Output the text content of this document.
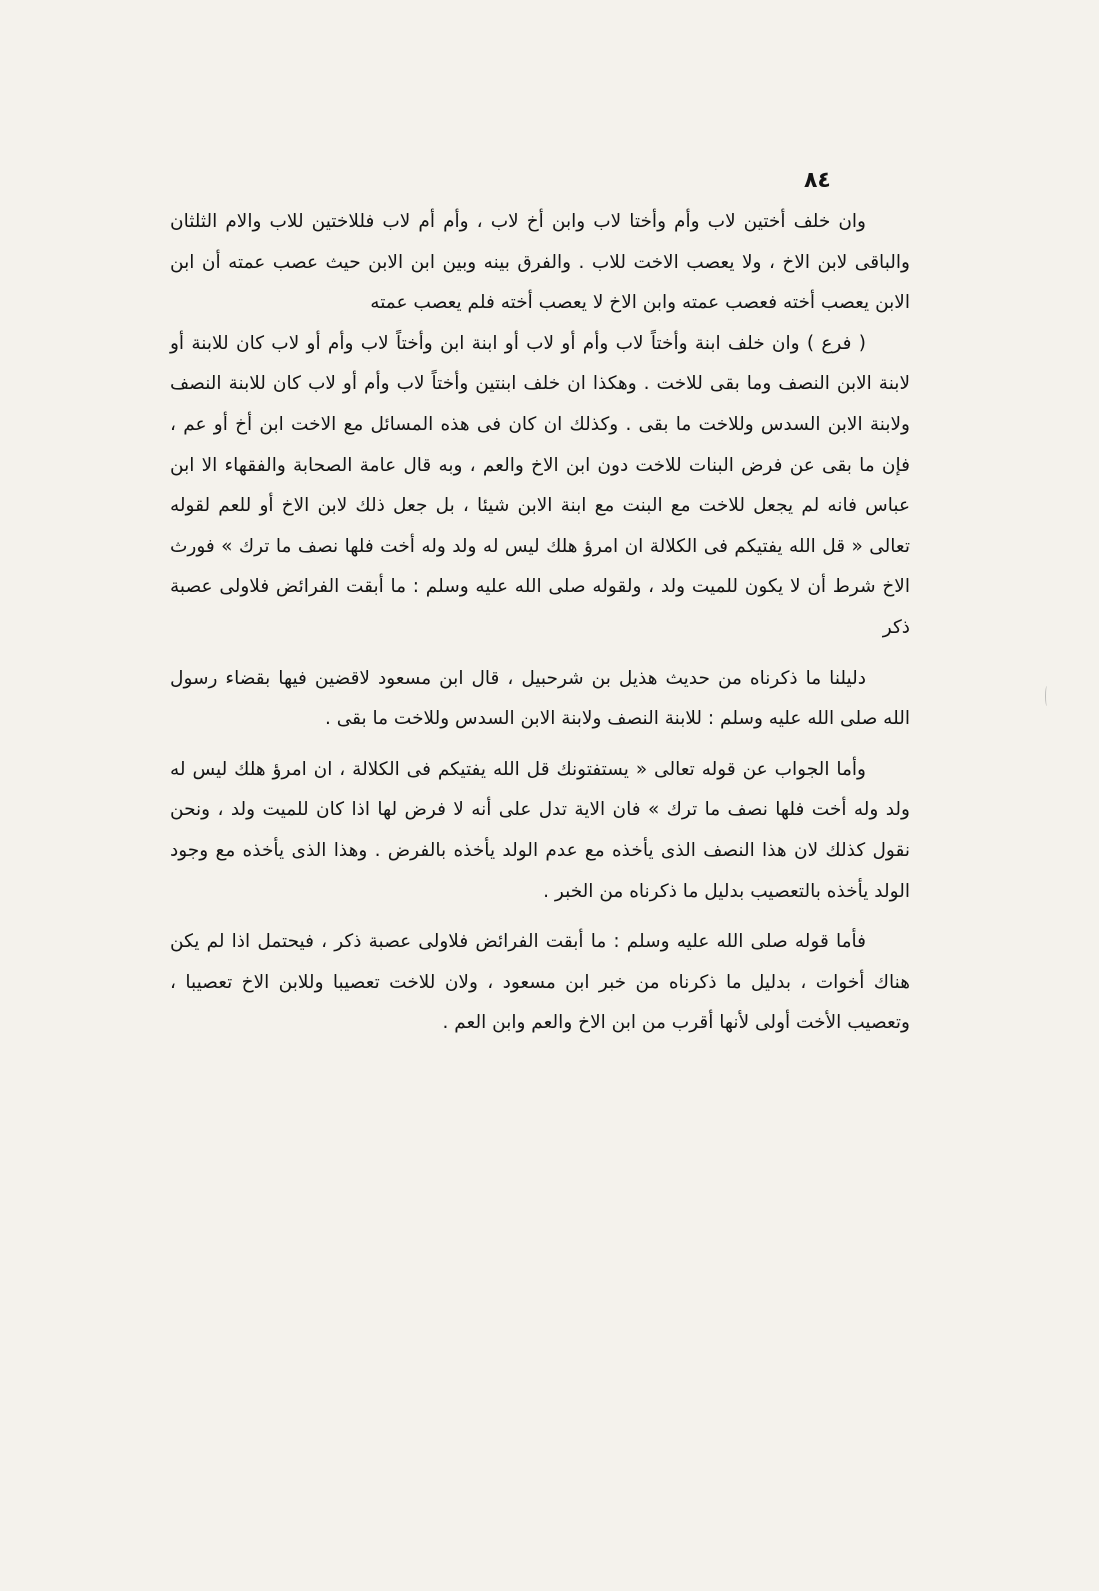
٨٤

وان خلف أختين لاب وأم وأختا لاب وابن أخ لاب ، وأم أم لاب فللاختين للاب والام الثلثان والباقى لابن الاخ ، ولا يعصب الاخت للاب . والفرق بينه وبين ابن الابن حيث عصب عمته أن ابن الابن يعصب أخته فعصب عمته وابن الاخ لا يعصب أخته فلم يعصب عمته

( فرع ) وان خلف ابنة وأختاً لاب وأم أو لاب أو ابنة ابن وأختاً لاب وأم أو لاب كان للابنة أو لابنة الابن النصف وما بقى للاخت . وهكذا ان خلف ابنتين وأختاً لاب وأم أو لاب كان للابنة النصف ولابنة الابن السدس وللاخت ما بقى . وكذلك ان كان فى هذه المسائل مع الاخت ابن أخ أو عم ، فإن ما بقى عن فرض البنات للاخت دون ابن الاخ والعم ، وبه قال عامة الصحابة والفقهاء الا ابن عباس فانه لم يجعل للاخت مع البنت مع ابنة الابن شيئا ، بل جعل ذلك لابن الاخ أو للعم لقوله تعالى « قل الله يفتيكم فى الكلالة ان امرؤ هلك ليس له ولد وله أخت فلها نصف ما ترك » فورث الاخ شرط أن لا يكون للميت ولد ، ولقوله صلى الله عليه وسلم : ما أبقت الفرائض فلاولى عصبة ذكر

دليلنا ما ذكرناه من حديث هذيل بن شرحبيل ، قال ابن مسعود لاقضين فيها بقضاء رسول الله صلى الله عليه وسلم : للابنة النصف ولابنة الابن السدس وللاخت ما بقى .

وأما الجواب عن قوله تعالى « يستفتونك قل الله يفتيكم فى الكلالة ، ان امرؤ هلك ليس له ولد وله أخت فلها نصف ما ترك » فان الاية تدل على أنه لا فرض لها اذا كان للميت ولد ، ونحن نقول كذلك لان هذا النصف الذى يأخذه مع عدم الولد يأخذه بالفرض . وهذا الذى يأخذه مع وجود الولد يأخذه بالتعصيب بدليل ما ذكرناه من الخبر .

فأما قوله صلى الله عليه وسلم : ما أبقت الفرائض فلاولى عصبة ذكر ، فيحتمل اذا لم يكن هناك أخوات ، بدليل ما ذكرناه من خبر ابن مسعود ، ولان للاخت تعصيبا وللابن الاخ تعصيبا ، وتعصيب الأخت أولى لأنها أقرب من ابن الاخ والعم وابن العم .
